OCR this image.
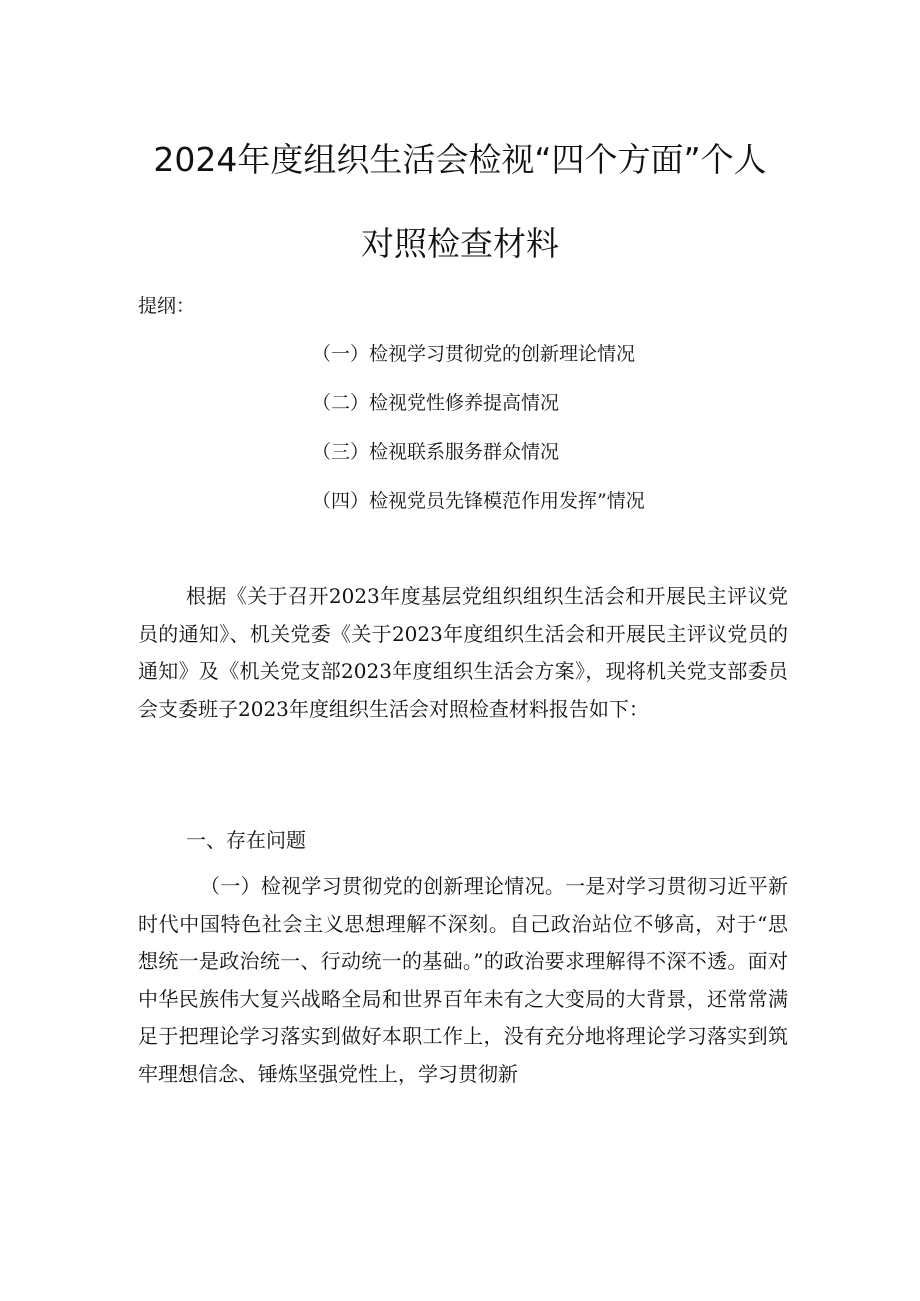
2024年度组织生活会检视“四个方面”个人
对照检查材料
提纲：
（一）检视学习贯彻党的创新理论情况
（二）检视党性修养提高情况
（三）检视联系服务群众情况
（四）检视党员先锋模范作用发挥”情况

根据《关于召开2023年度基层党组织组织生活会和开展民主评议党员的通知》、机关党委《关于2023年度组织生活会和开展民主评议党员的通知》及《机关党支部2023年度组织生活会方案》，现将机关党支部委员会支委班子2023年度组织生活会对照检查材料报告如下：

一、存在问题

（一）检视学习贯彻党的创新理论情况。一是对学习贯彻习近平新时代中国特色社会主义思想理解不深刻。自己政治站位不够高，对于“思想统一是政治统一、行动统一的基础。”的政治要求理解得不深不透。面对中华民族伟大复兴战略全局和世界百年未有之大变局的大背景，还常常满足于把理论学习落实到做好本职工作上，没有充分地将理论学习落实到筑牢理想信念、锤炼坚强党性上，学习贯彻新
